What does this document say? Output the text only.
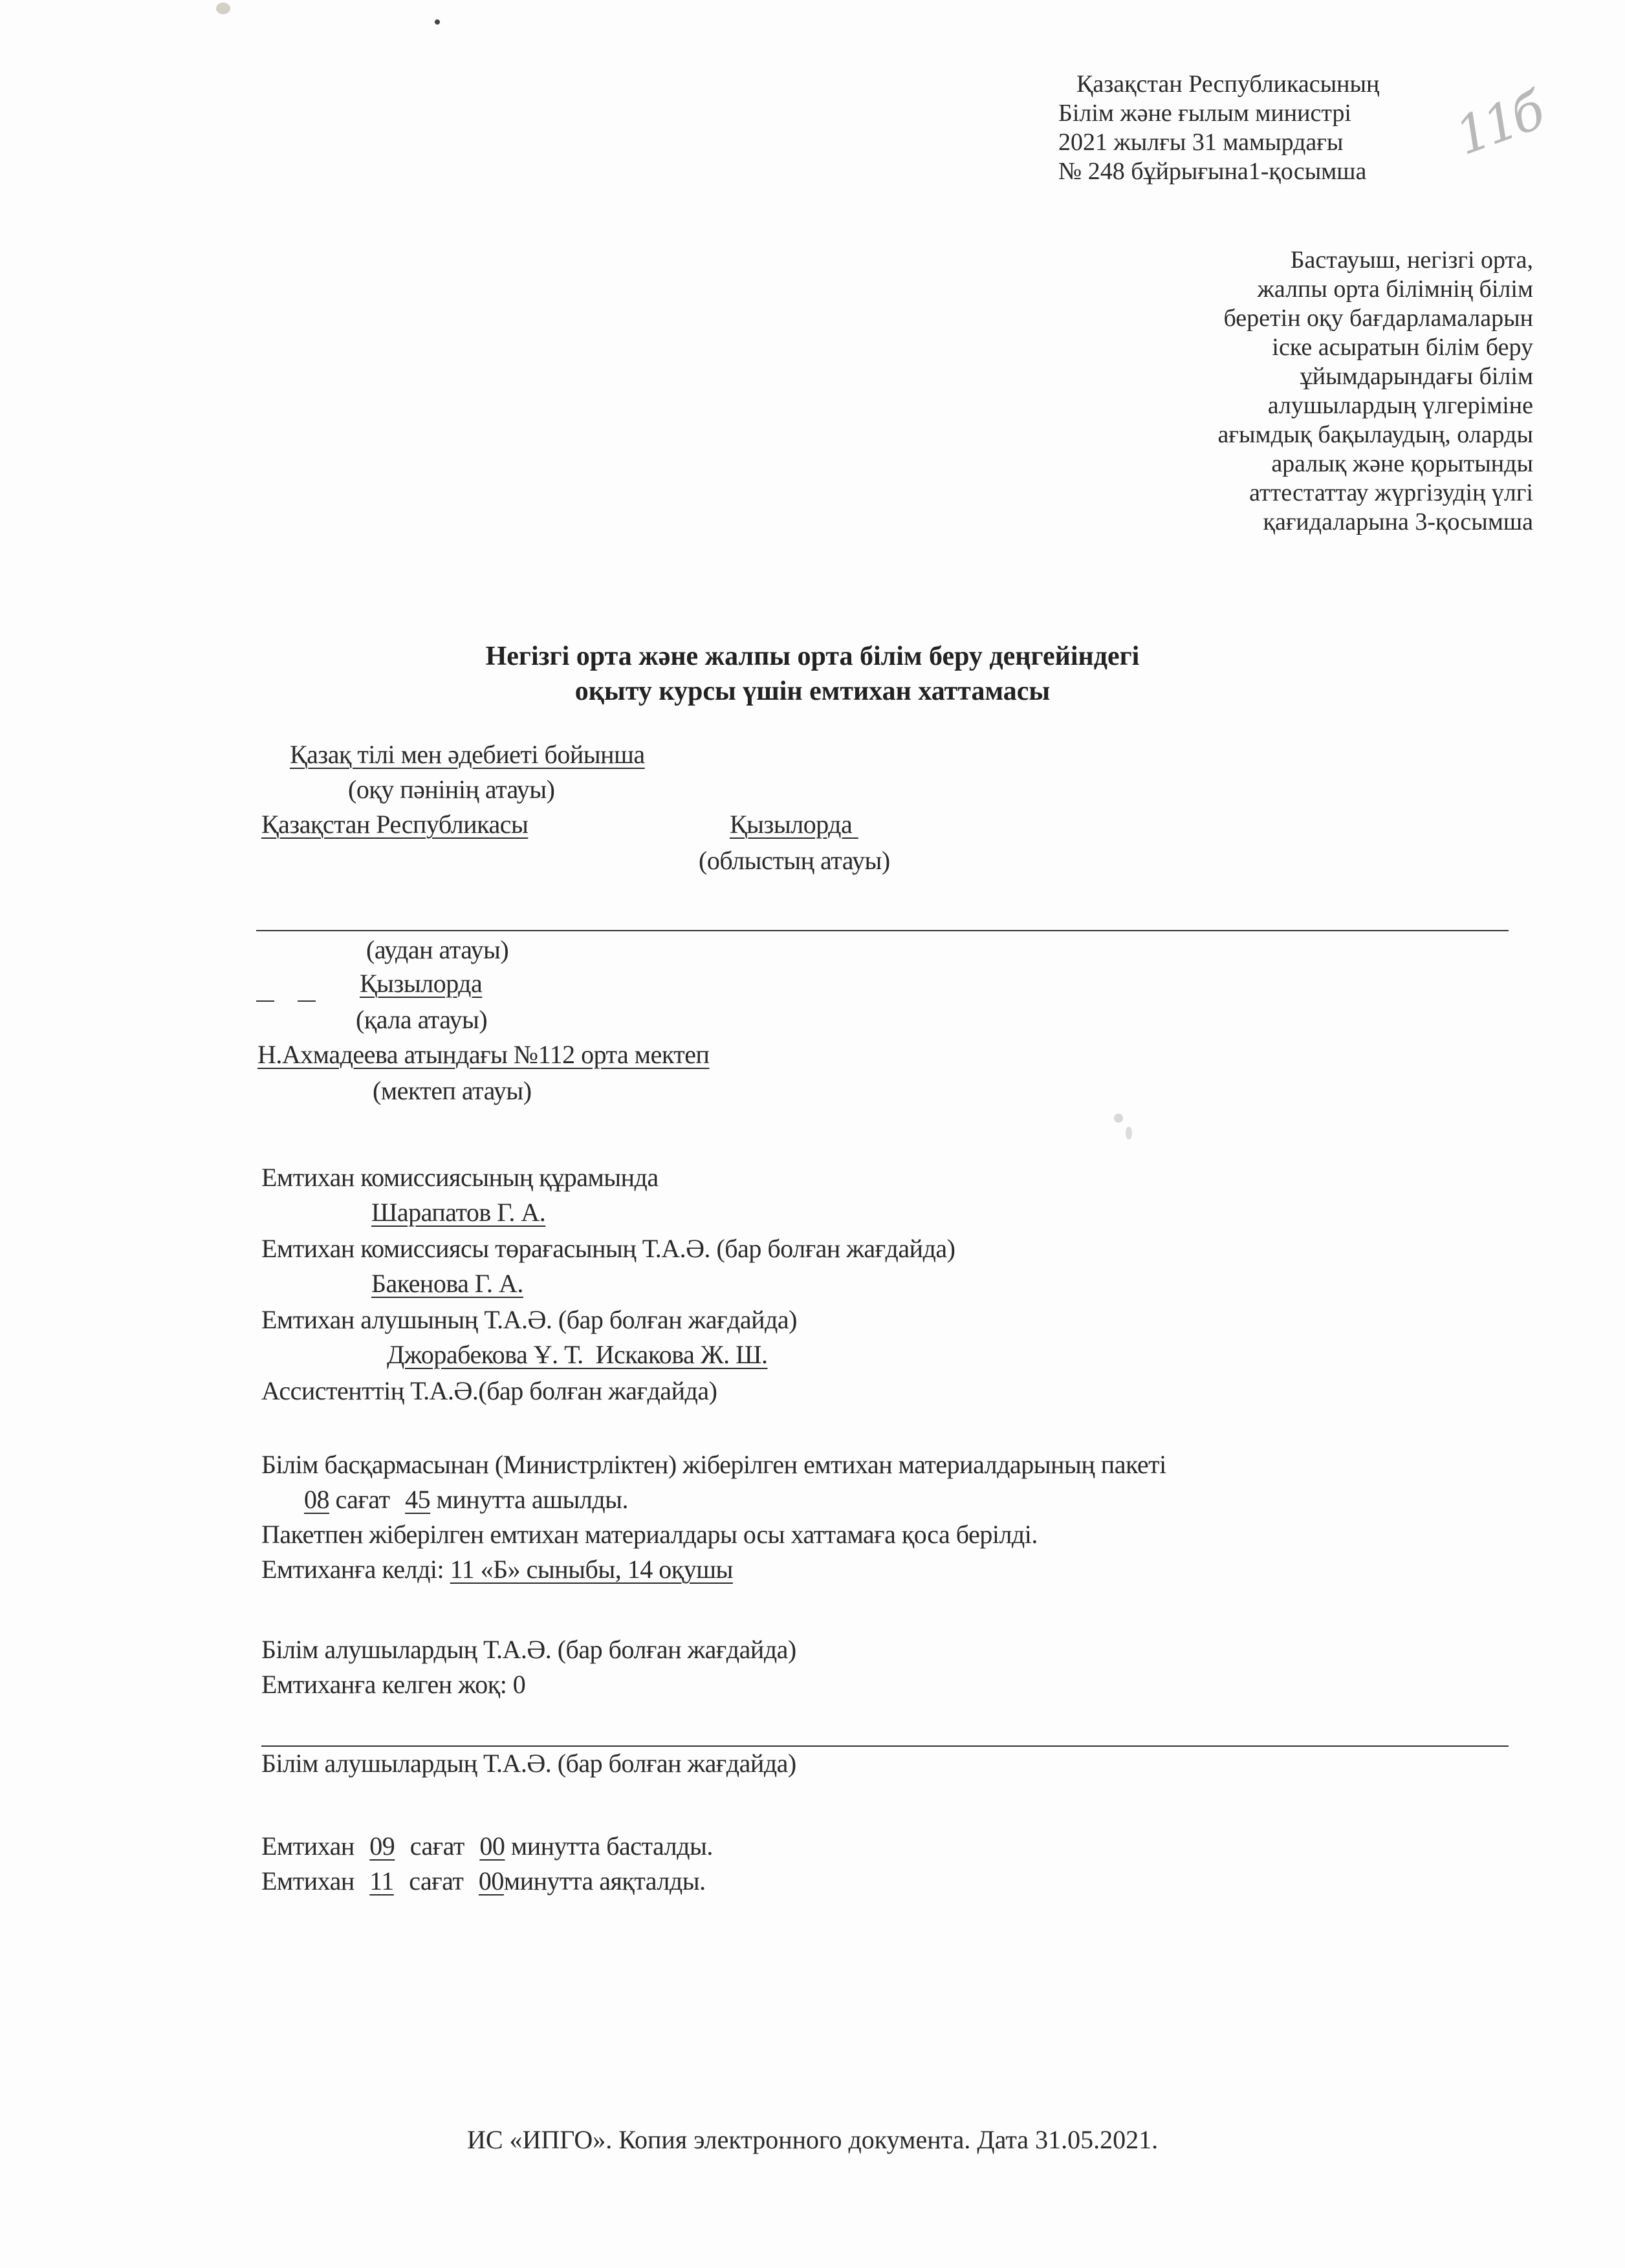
11б
Қазақстан Республикасының
Білім және ғылым министрі
2021 жылғы 31 мамырдағы
№ 248 бұйрығына1-қосымша
Бастауыш, негізгі орта,
жалпы орта білімнің білім
беретін оқу бағдарламаларын
іске асыратын білім беру
ұйымдарындағы білім
алушылардың үлгеріміне
ағымдық бақылаудың, оларды
аралық және қорытынды
аттестаттау жүргізудің үлгі
қағидаларына 3-қосымша
Негізгі орта және жалпы орта білім беру деңгейіндегі
оқыту курсы үшін емтихан хаттамасы
Қазақ тілі мен әдебиеті бойынша
(оқу пәнінің атауы)
Қазақстан Республикасы	Қызылорда
(облыстың атауы)
(аудан атауы)
Қызылорда
(қала атауы)
Н.Ахмадеева атындағы №112 орта мектеп
(мектеп атауы)
Емтихан комиссиясының құрамында
Шарапатов Г. А.
Емтихан комиссиясы төрағасының Т.А.Ә. (бар болған жағдайда)
Бакенова Г. А.
Емтихан алушының Т.А.Ә. (бар болған жағдайда)
Джорабекова Ұ. Т.  Искакова Ж. Ш.
Ассистенттің Т.А.Ә.(бар болған жағдайда)
Білім басқармасынан (Министрліктен) жіберілген емтихан материалдарының пакеті
08 сағат 45 минутта ашылды.
Пакетпен жіберілген емтихан материалдары осы хаттамаға қоса берілді.
Емтиханға келді: 11 «Б» сыныбы, 14 оқушы
Білім алушылардың Т.А.Ә. (бар болған жағдайда)
Емтиханға келген жоқ: 0
Білім алушылардың Т.А.Ә. (бар болған жағдайда)
Емтихан 09 сағат 00 минутта басталды.
Емтихан 11 сағат 00минутта аяқталды.
ИС «ИПГО». Копия электронного документа. Дата 31.05.2021.
